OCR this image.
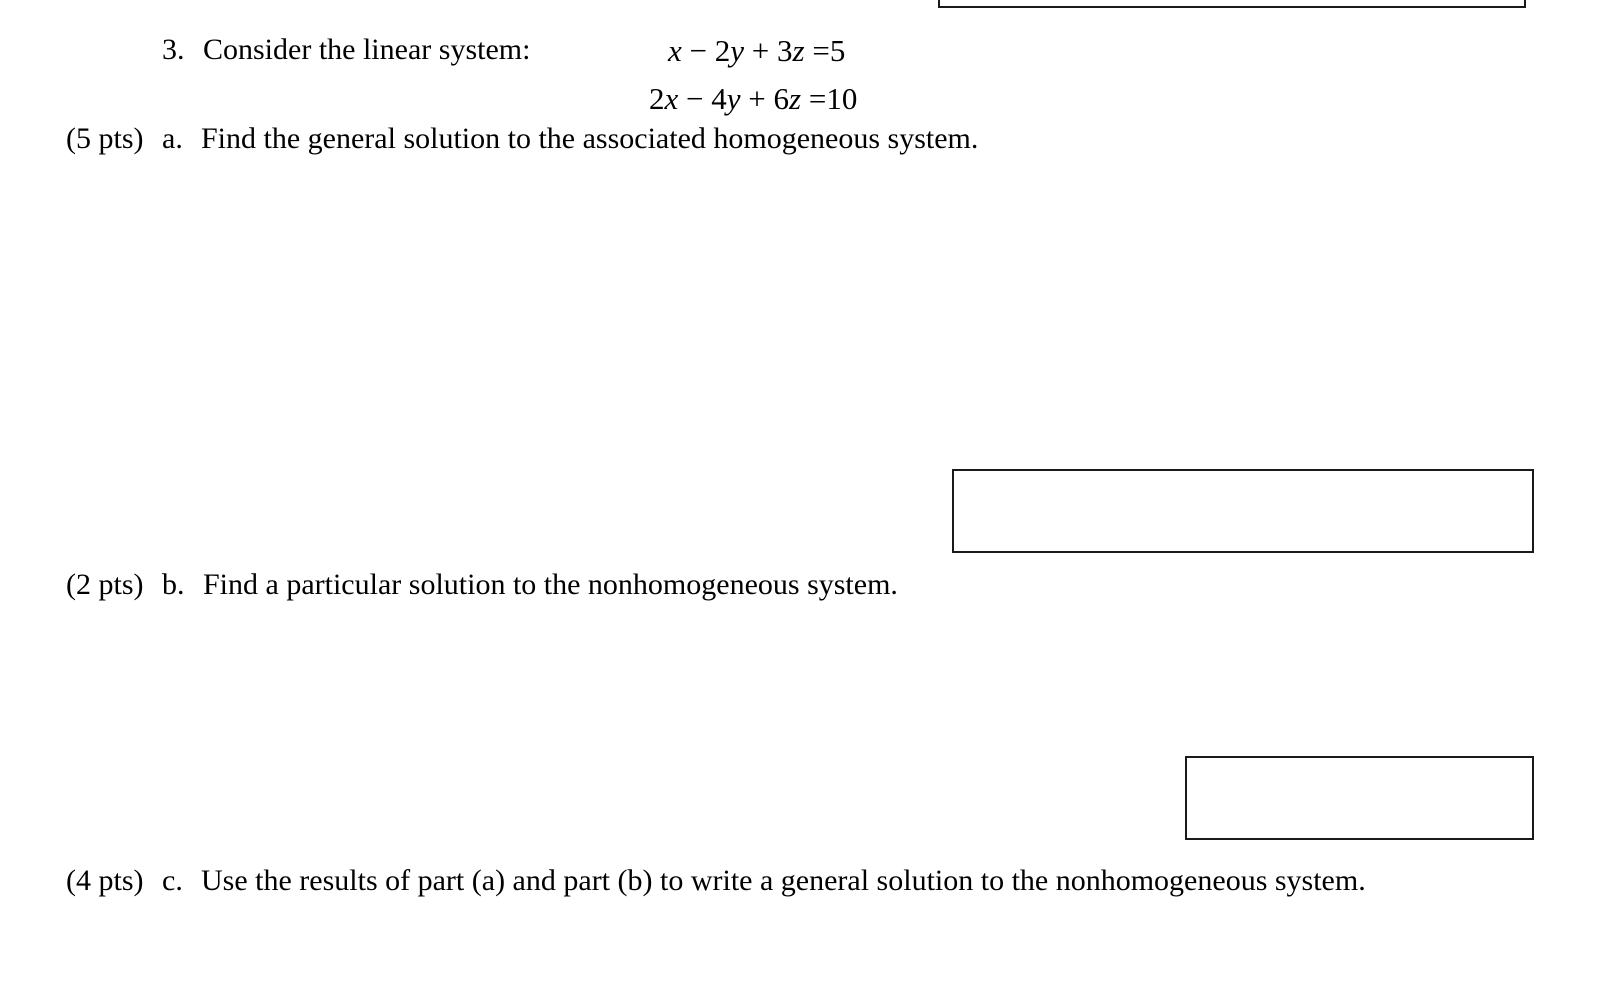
3. Consider the linear system:	x − 2y + 3z =5
2x − 4y + 6z =10
(5 pts) a. Find the general solution to the associated homogeneous system.
(2 pts) b. Find a particular solution to the nonhomogeneous system.
(4 pts) c. Use the results of part (a) and part (b) to write a general solution to the nonhomogeneous system.
